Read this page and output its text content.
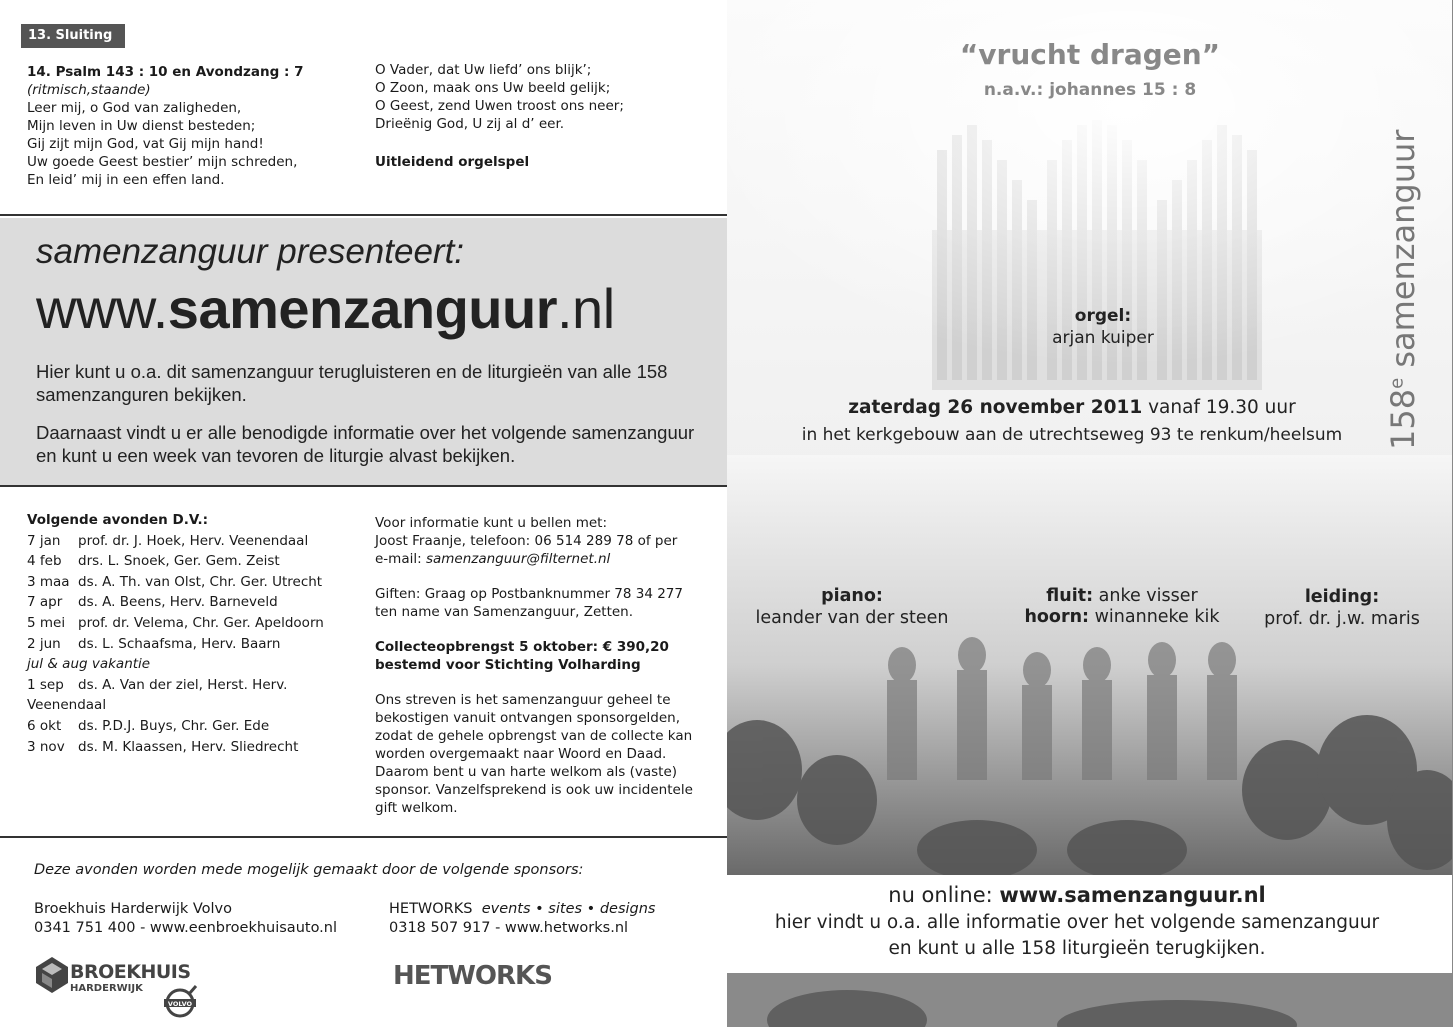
13. Sluiting
14. Psalm 143 : 10 en Avondzang : 7
(ritmisch,staande)
Leer mij, o God van zaligheden,
Mijn leven in Uw dienst besteden;
Gij zijt mijn God, vat Gij mijn hand!
Uw goede Geest bestier’ mijn schreden,
En leid’ mij in een effen land.
O Vader, dat Uw liefd’ ons blijk’;
O Zoon, maak ons Uw beeld gelijk;
O Geest, zend Uwen troost ons neer;
Drieënig God, U zij al d’ eer.
Uitleidend orgelspel
samenzanguur presenteert:
www.samenzanguur.nl
Hier kunt u o.a. dit samenzanguur terugluisteren en de liturgieën van alle 158 samenzanguren bekijken.
Daarnaast vindt u er alle benodigde informatie over het volgende samenzanguur en kunt u een week van tevoren de liturgie alvast bekijken.
Volgende avonden D.V.:
7 jan	prof. dr. J. Hoek, Herv. Veenendaal
4 feb	drs. L. Snoek, Ger. Gem. Zeist
3 maa ds. A. Th. van Olst, Chr. Ger. Utrecht
7 apr	ds. A. Beens, Herv. Barneveld
5 mei prof. dr. Velema, Chr. Ger. Apeldoorn
2 jun	ds. L. Schaafsma, Herv. Baarn
jul & aug vakantie
1 sep	ds. A. Van der ziel, Herst. Herv.
Veenendaal
6 okt	ds. P.D.J. Buys, Chr. Ger. Ede
3 nov ds. M. Klaassen, Herv. Sliedrecht

Voor informatie kunt u bellen met:
Joost Fraanje, telefoon: 06 514 289 78 of per
e-mail: samenzanguur@filternet.nl

Giften: Graag op Postbanknummer 78 34 277
ten name van Samenzanguur, Zetten.

Collecteopbrengst 5 oktober: € 390,20
bestemd voor Stichting Volharding

Ons streven is het samenzanguur geheel te bekostigen vanuit ontvangen sponsorgelden, zodat de gehele opbrengst van de collecte kan worden overgemaakt naar Woord en Daad. Daarom bent u van harte welkom als (vaste) sponsor. Vanzelfsprekend is ook uw incidentele gift welkom.

Deze avonden worden mede mogelijk gemaakt door de volgende sponsors:
Broekhuis Harderwijk Volvo
0341 751 400 - www.eenbroekhuisauto.nl
HETWORKS events • sites • designs
0318 507 917 - www.hetworks.nl
BROEKHUIS
HARDERWIJK
VOLVO
HETWORKS
“vrucht dragen”
n.a.v.: johannes 15 : 8
158e samenzanguur
orgel:
arjan kuiper
zaterdag 26 november 2011 vanaf 19.30 uur
in het kerkgebouw aan de utrechtseweg 93 te renkum/heelsum
piano:
leander van der steen
fluit: anke visser
hoorn: winanneke kik
leiding:
prof. dr. j.w. maris
nu online: www.samenzanguur.nl
hier vindt u o.a. alle informatie over het volgende samenzanguur
en kunt u alle 158 liturgieën terugkijken.
